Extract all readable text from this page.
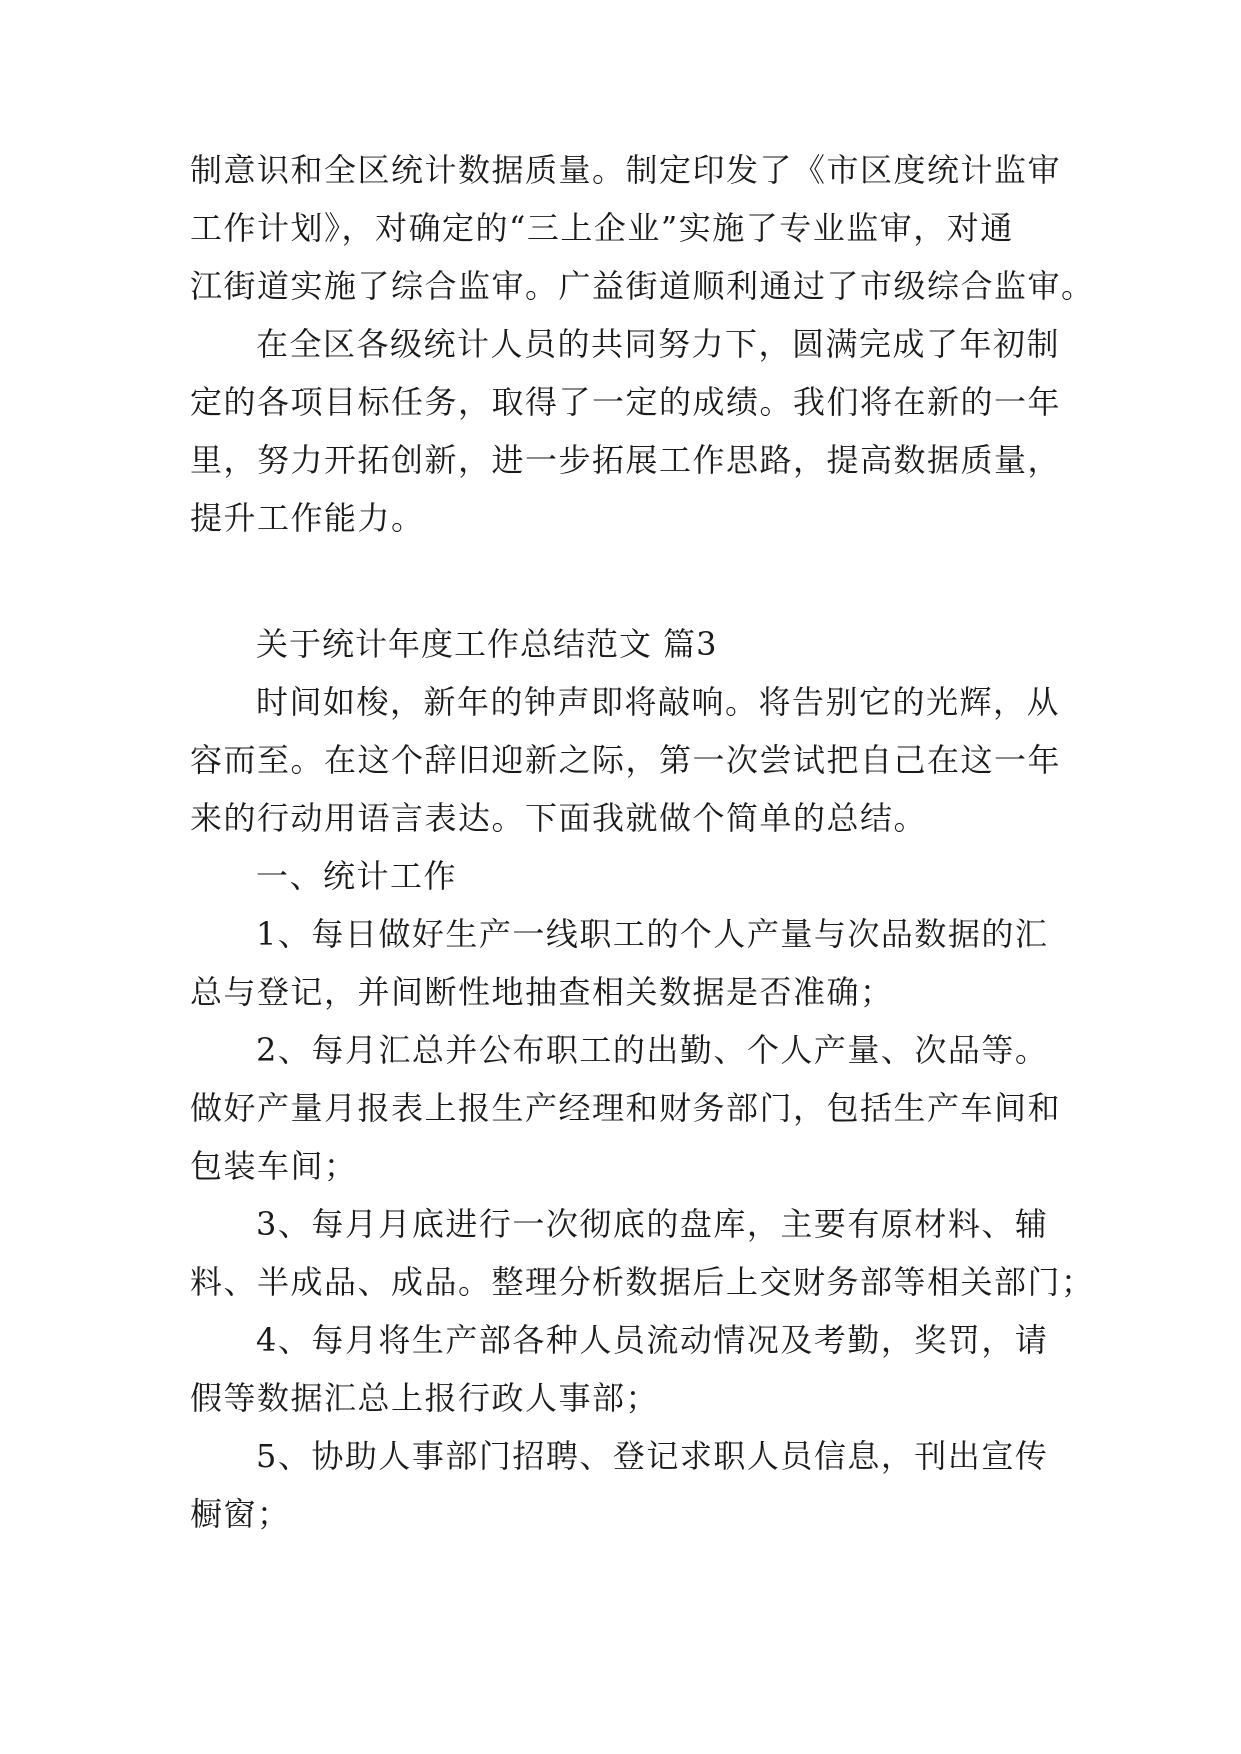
制意识和全区统计数据质量。制定印发了《市区度统计监审
工作计划》，对确定的“三上企业”实施了专业监审，对通
江街道实施了综合监审。广益街道顺利通过了市级综合监审。
在全区各级统计人员的共同努力下，圆满完成了年初制
定的各项目标任务，取得了一定的成绩。我们将在新的一年
里，努力开拓创新，进一步拓展工作思路，提高数据质量，
提升工作能力。
关于统计年度工作总结范文 篇3
时间如梭，新年的钟声即将敲响。将告别它的光辉，从
容而至。在这个辞旧迎新之际，第一次尝试把自己在这一年
来的行动用语言表达。下面我就做个简单的总结。
一、统计工作
1、每日做好生产一线职工的个人产量与次品数据的汇
总与登记，并间断性地抽查相关数据是否准确；
2、每月汇总并公布职工的出勤、个人产量、次品等。
做好产量月报表上报生产经理和财务部门，包括生产车间和
包装车间；
3、每月月底进行一次彻底的盘库，主要有原材料、辅
料、半成品、成品。整理分析数据后上交财务部等相关部门；
4、每月将生产部各种人员流动情况及考勤，奖罚，请
假等数据汇总上报行政人事部；
5、协助人事部门招聘、登记求职人员信息，刊出宣传
橱窗；
